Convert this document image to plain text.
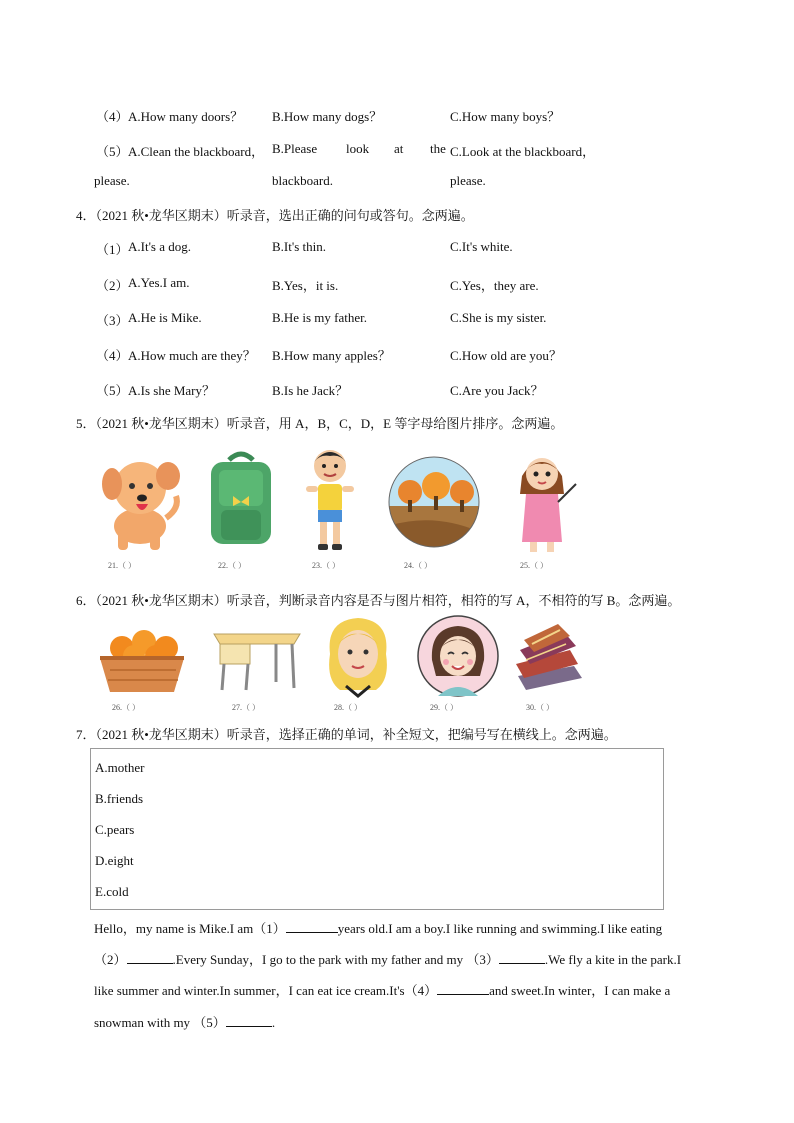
（4） A.How many doors？ B.How many dogs？	C.How many boys？
（5） A.Clean the blackboard， B.Please look at the C.Look at the blackboard，
please.	blackboard.	please.
4．（2021 秋•龙华区期末）听录音，选出正确的问句或答句。念两遍。
（1） A.It's a dog.	B.It's thin.	C.It's white.
（2） A.Yes.I am.	B.Yes，it is.	C.Yes，they are.
（3） A.He is Mike.	B.He is my father.	C.She is my sister.
（4） A.How much are they？ B.How many apples？	C.How old are you？
（5） A.Is she Mary？	B.Is he Jack？	C.Are you Jack？
5．（2021 秋•龙华区期末）听录音，用 A，B，C，D，E 等字母给图片排序。念两遍。
21.（ ）	22.（ ）	23.（ ）	24.（ ）	25.（ ）
6．（2021 秋•龙华区期末）听录音，判断录音内容是否与图片相符，相符的写 A，不相符的写 B。念两遍。
26.（ ）	27.（ ）	28.（ ）	29.（ ）	30.（ ）
7．（2021 秋•龙华区期末）听录音，选择正确的单词，补全短文，把编号写在横线上。念两遍。
A.mother
B.friends
C.pears
D.eight
E.cold
Hello，my name is Mike.I am（1）	years old.I am a boy.I like running and swimming.I like eating
（2）	.Every Sunday，I go to the park with my father and my （3）	.We fly a kite in the park.I
like summer and winter.In summer，I can eat ice cream.It's（4）	and sweet.In winter，I can make a
snowman with my （5）	.
